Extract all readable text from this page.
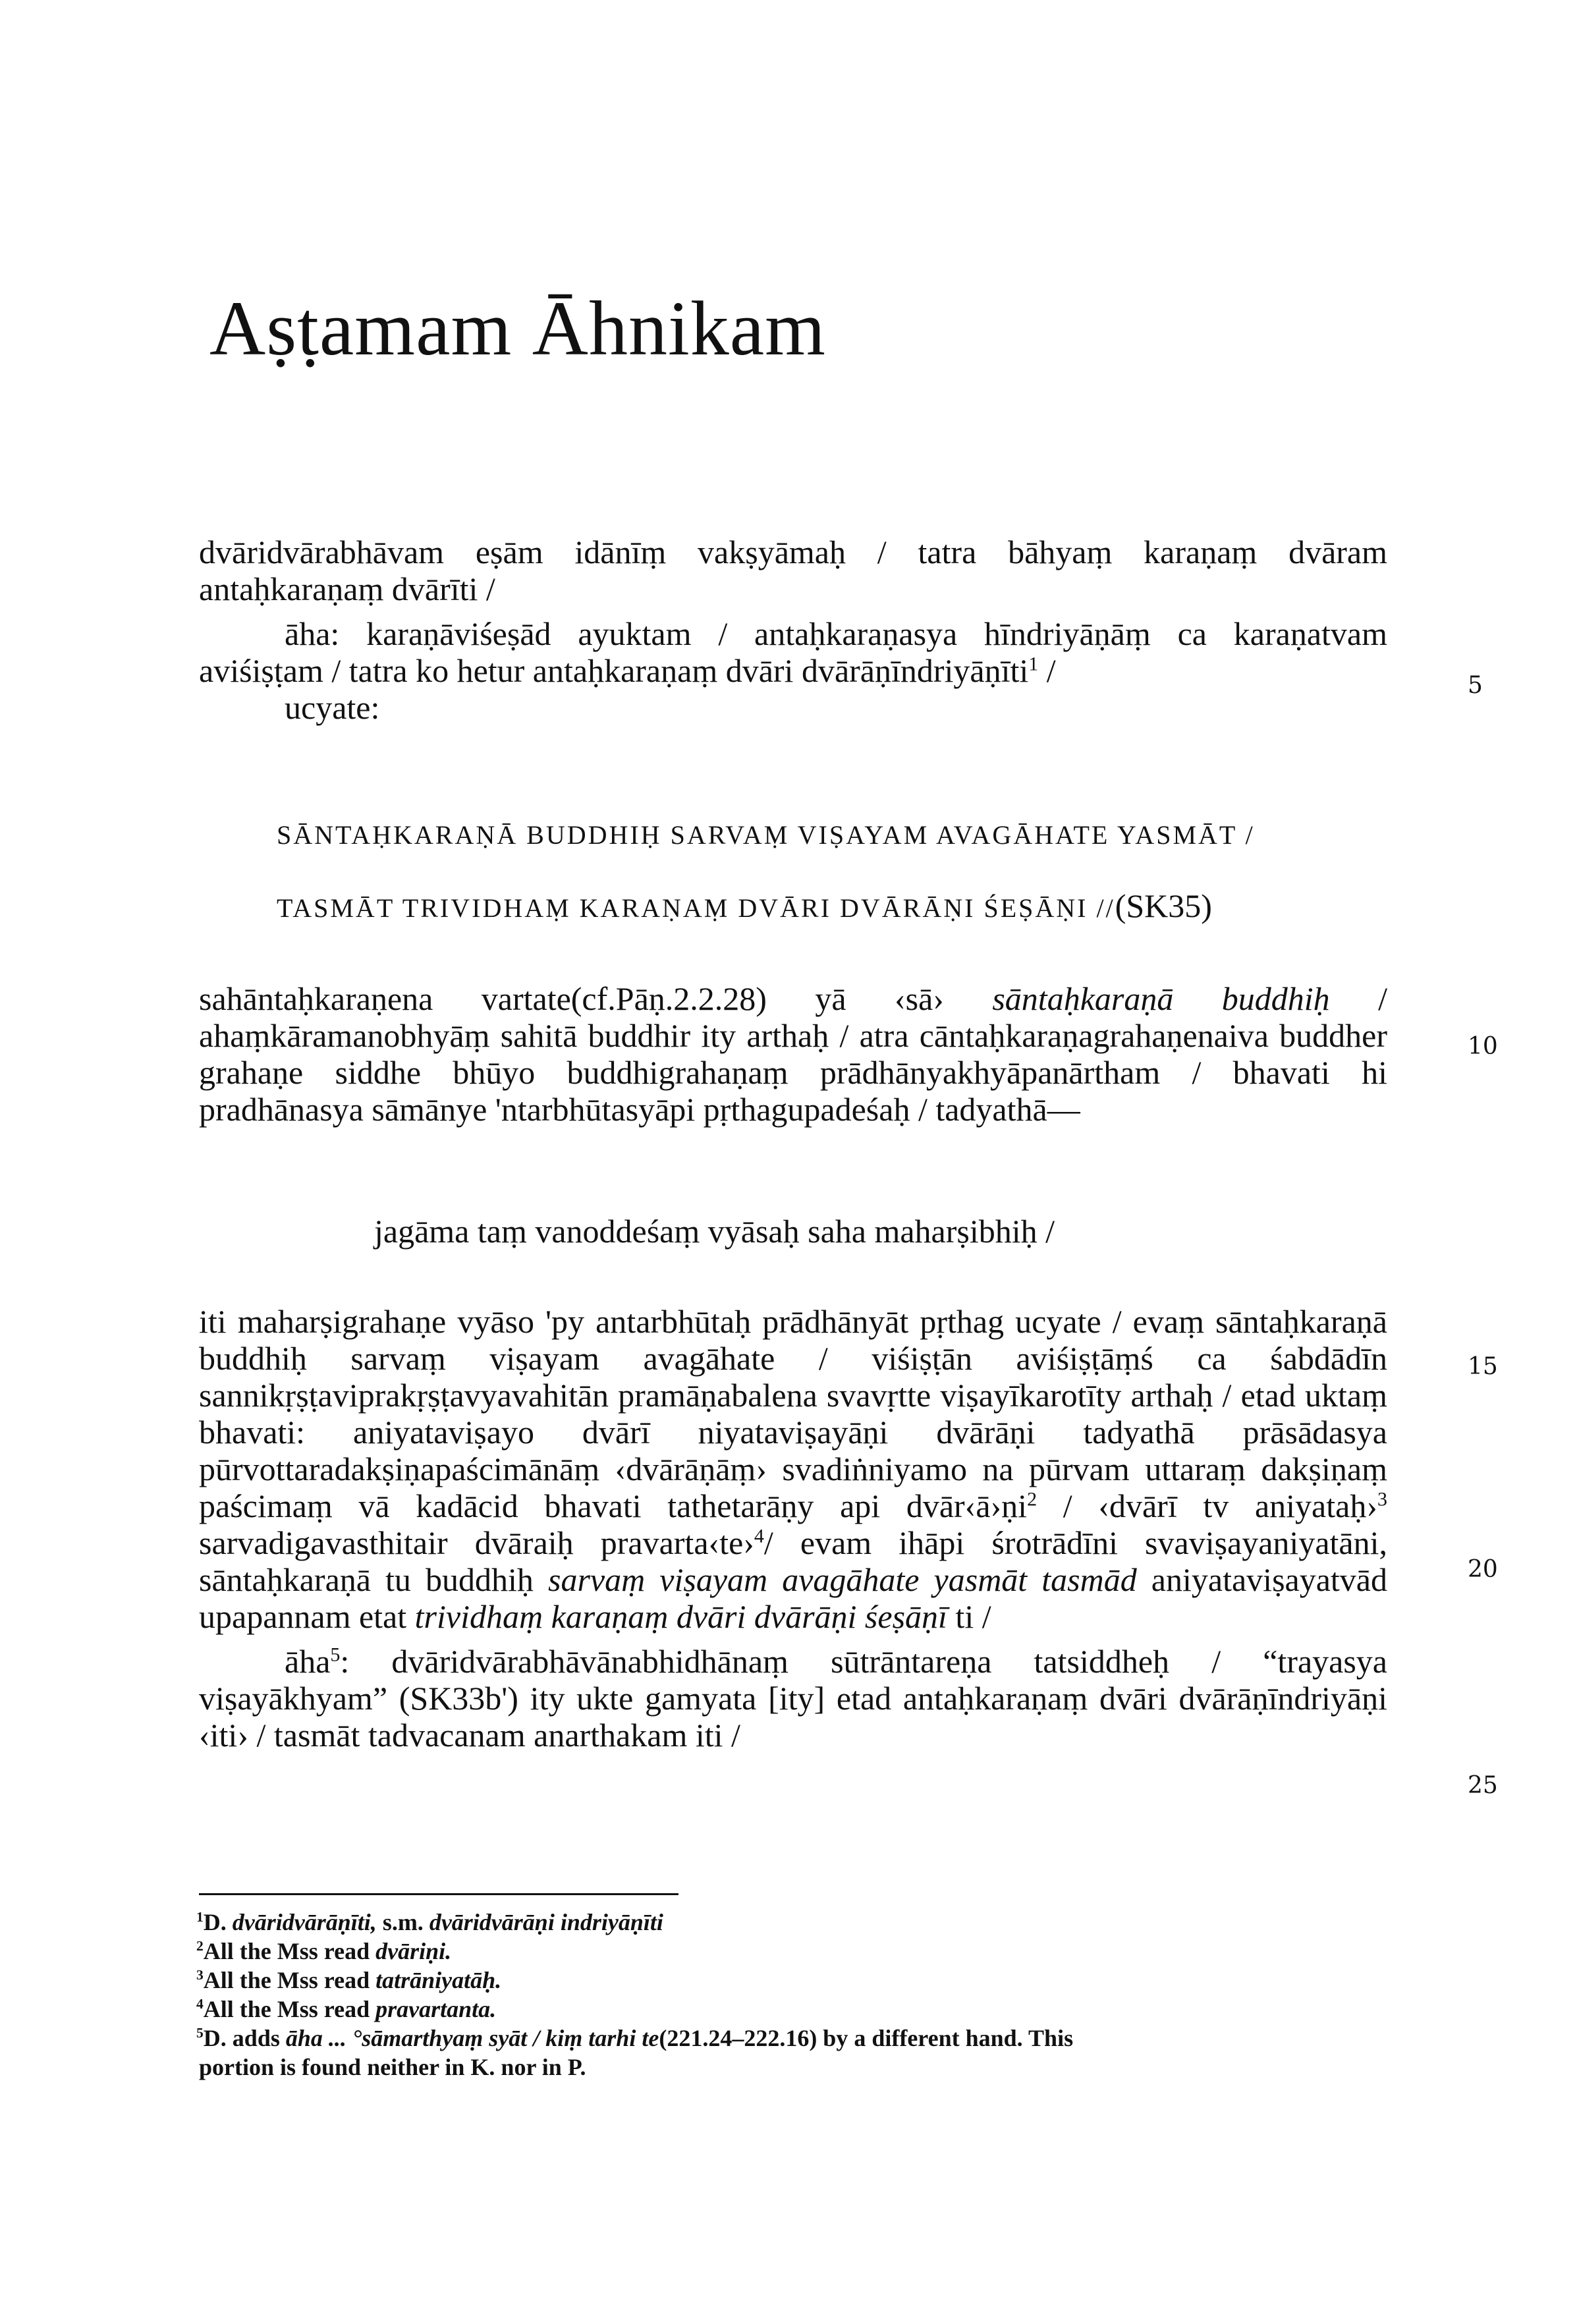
Aṣṭamam Āhnikam

dvāridvārabhāvam eṣām idānīṃ vakṣyāmaḥ / tatra bāhyaṃ karaṇaṃ dvāram antaḥkaraṇaṃ dvārīti /

āha: karaṇāviśeṣād ayuktam / antaḥkaraṇasya hīndriyāṇāṃ ca karaṇatvam aviśiṣṭam / tatra ko hetur antaḥkaraṇaṃ dvāri dvārāṇīndriyāṇīti$^1$ /

ucyate:

SĀNTAḤKARAṆĀ BUDDHIḤ SARVAṂ VIṢAYAM AVAGĀHATE YASMĀT /
TASMĀT TRIVIDHAṂ KARAṆAṂ DVĀRI DVĀRĀṆI ŚEṢĀṆI //(SK35)

sahāntaḥkaraṇena vartate(cf.Pāṇ.2.2.28) yā ‹sā› sāntaḥkaraṇā buddhiḥ / ahaṃkāramanobhyāṃ sahitā buddhir ity arthaḥ / atra cāntaḥkaraṇagrahaṇenaiva buddher grahaṇe siddhe bhūyo buddhigrahaṇaṃ prādhānyakhyāpanārtham / bhavati hi pradhānasya sāmānye 'ntarbhūtasyāpi pṛthagupadeśaḥ / tadyathā—

jagāma taṃ vanoddeśaṃ vyāsaḥ saha maharṣibhiḥ /

iti maharṣigrahaṇe vyāso 'py antarbhūtaḥ prādhānyāt pṛthag ucyate / evaṃ sāntaḥkaraṇā buddhiḥ sarvaṃ viṣayam avagāhate / viśiṣṭān aviśiṣṭāṃś ca śabdādīn sannikṛṣṭaviprakṛṣṭavyavahitān pramāṇabalena svavṛtte viṣayīkarotīty arthaḥ / etad uktaṃ bhavati: aniyataviṣayo dvārī niyataviṣayāṇi dvārāṇi tadyathā prāsādasya pūrvottaradakṣiṇapaścimānāṃ ‹dvārāṇāṃ› svadiṅniyamo na pūrvam uttaraṃ dakṣiṇaṃ paścimaṃ vā kadācid bhavati tathetarāṇy api dvār‹ā›ṇi$^2$ / ‹dvārī tv aniyataḥ›$^3$ sarvadigavasthitair dvāraiḥ pravarta‹te›$^4$/ evam ihāpi śrotrādīni svaviṣayaniyatāni, sāntaḥkaraṇā tu buddhiḥ sarvaṃ viṣayam avagāhate yasmāt tasmād aniyataviṣayatvād upapannam etat trividhaṃ karaṇaṃ dvāri dvārāṇi śeṣāṇī ti /

āha$^5$: dvāridvārabhāvānabhidhānaṃ sūtrāntareṇa tatsiddheḥ / “trayasya viṣayākhyam” (SK33b') ity ukte gamyata [ity] etad antaḥkaraṇaṃ dvāri dvārāṇīndriyāṇi ‹iti› / tasmāt tadvacanam anarthakam iti /

5
10
15
20
25

$^1$D. dvāridvārāṇīti, s.m. dvāridvārāṇi indriyāṇīti

$^2$All the Mss read dvāriṇi.

$^3$All the Mss read tatrāniyatāḥ.

$^4$All the Mss read pravartanta.

$^5$D. adds āha ... °sāmarthyaṃ syāt / kiṃ tarhi te(221.24–222.16) by a different hand. This

portion is found neither in K. nor in P.
